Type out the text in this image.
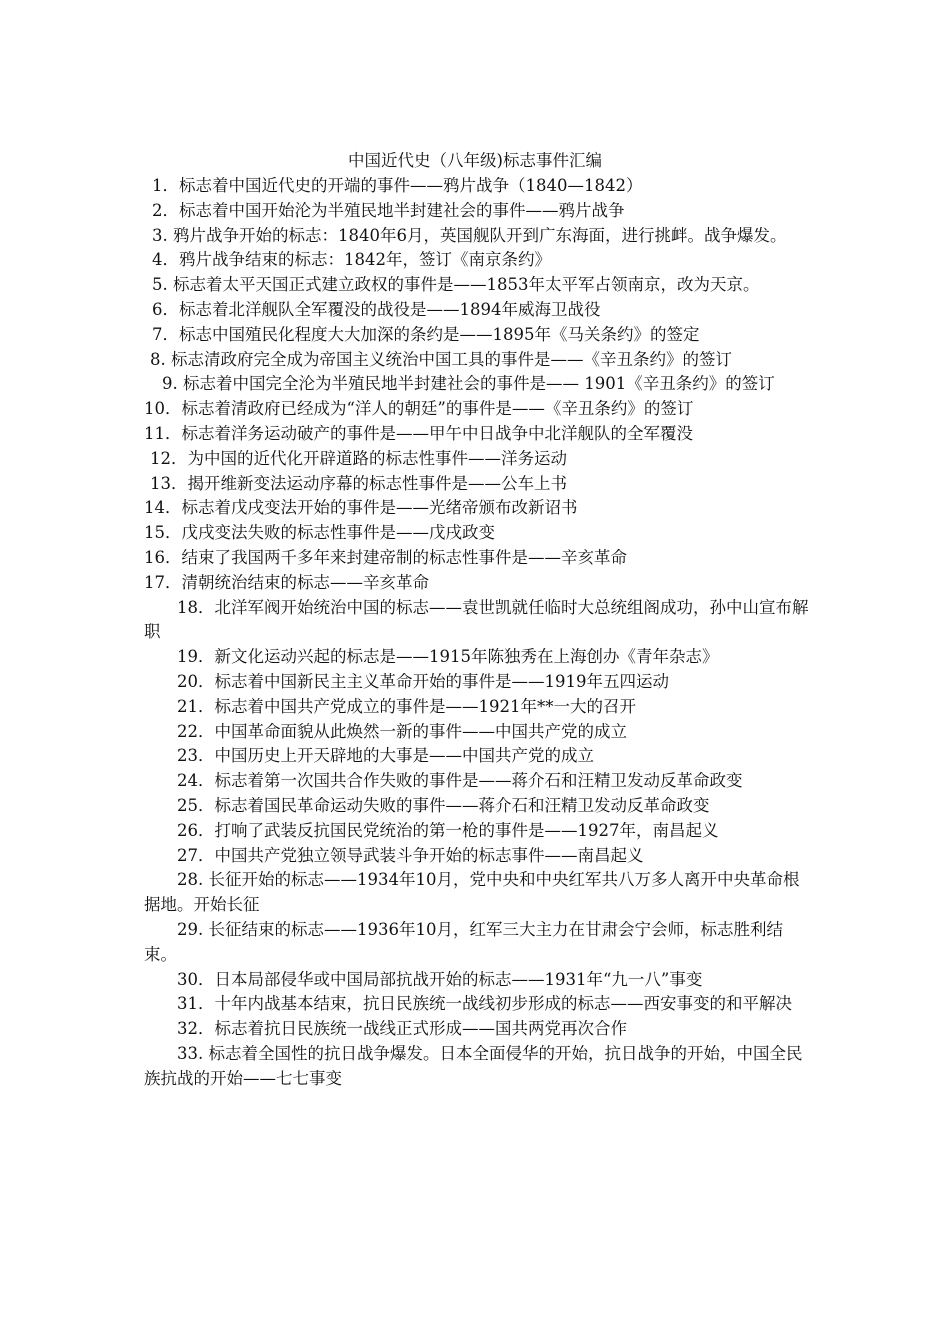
中国近代史（八年级)标志事件汇编

1．标志着中国近代史的开端的事件——鸦片战争（1840—1842）

2．标志着中国开始沦为半殖民地半封建社会的事件——鸦片战争

3. 鸦片战争开始的标志：1840年6月，英国舰队开到广东海面，进行挑衅。战争爆发。

4．鸦片战争结束的标志：1842年，签订《南京条约》

5. 标志着太平天国正式建立政权的事件是——1853年太平军占领南京，改为天京。

6．标志着北洋舰队全军覆没的战役是——1894年威海卫战役

7．标志中国殖民化程度大大加深的条约是——1895年《马关条约》的签定

8. 标志清政府完全成为帝国主义统治中国工具的事件是——《辛丑条约》的签订

9. 标志着中国完全沦为半殖民地半封建社会的事件是—— 1901《辛丑条约》的签订

10．标志着清政府已经成为“洋人的朝廷”的事件是——《辛丑条约》的签订

11．标志着洋务运动破产的事件是——甲午中日战争中北洋舰队的全军覆没

12．为中国的近代化开辟道路的标志性事件——洋务运动

13．揭开维新变法运动序幕的标志性事件是——公车上书

14．标志着戊戌变法开始的事件是——光绪帝颁布改新诏书

15．戊戌变法失败的标志性事件是——戊戌政变

16．结束了我国两千多年来封建帝制的标志性事件是——辛亥革命

17．清朝统治结束的标志——辛亥革命

18．北洋军阀开始统治中国的标志——袁世凯就任临时大总统组阁成功，孙中山宣布解职

19．新文化运动兴起的标志是——1915年陈独秀在上海创办《青年杂志》

20．标志着中国新民主主义革命开始的事件是——1919年五四运动

21．标志着中国共产党成立的事件是——1921年**一大的召开

22．中国革命面貌从此焕然一新的事件——中国共产党的成立

23．中国历史上开天辟地的大事是——中国共产党的成立

24．标志着第一次国共合作失败的事件是——蒋介石和汪精卫发动反革命政变

25．标志着国民革命运动失败的事件——蒋介石和汪精卫发动反革命政变

26．打响了武装反抗国民党统治的第一枪的事件是——1927年，南昌起义

27．中国共产党独立领导武装斗争开始的标志事件——南昌起义

28. 长征开始的标志——1934年10月，党中央和中央红军共八万多人离开中央革命根据地。开始长征

29. 长征结束的标志——1936年10月，红军三大主力在甘肃会宁会师，标志胜利结束。

30．日本局部侵华或中国局部抗战开始的标志——1931年“九一八”事变

31．十年内战基本结束，抗日民族统一战线初步形成的标志——西安事变的和平解决

32．标志着抗日民族统一战线正式形成——国共两党再次合作

33. 标志着全国性的抗日战争爆发。日本全面侵华的开始，抗日战争的开始，中国全民族抗战的开始——七七事变
